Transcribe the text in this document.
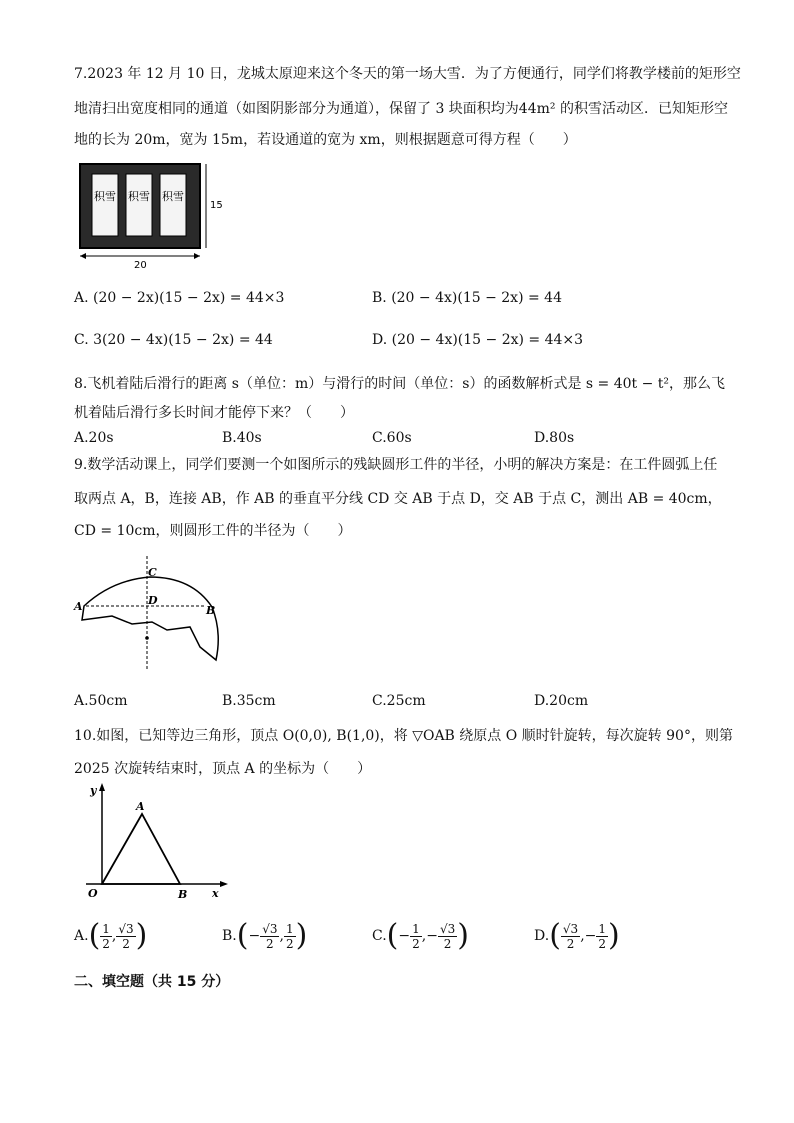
7.2023 年 12 月 10 日，龙城太原迎来这个冬天的第一场大雪．为了方便通行，同学们将教学楼前的矩形空
地清扫出宽度相同的通道（如图阴影部分为通道），保留了 3 块面积均为44m² 的积雪活动区．已知矩形空
地的长为 20m，宽为 15m，若设通道的宽为 xm，则根据题意可得方程（　　）
积雪 积雪 积雪
15
20
A. (20 − 2x)(15 − 2x) = 44×3	B. (20 − 4x)(15 − 2x) = 44
C. 3(20 − 4x)(15 − 2x) = 44	D. (20 − 4x)(15 − 2x) = 44×3
8.飞机着陆后滑行的距离 s（单位：m）与滑行的时间（单位：s）的函数解析式是 s = 40t − t²，那么飞
机着陆后滑行多长时间才能停下来？（　　）
A.20s	B.40s	C.60s	D.80s
9.数学活动课上，同学们要测一个如图所示的残缺圆形工件的半径，小明的解决方案是：在工件圆弧上任
取两点 A，B，连接 AB，作 AB 的垂直平分线 CD 交 AB 于点 D，交 AB 于点 C，测出 AB = 40cm，
CD = 10cm，则圆形工件的半径为（　　）
A	B
C
D
A.50cm	B.35cm	C.25cm	D.20cm
10.如图，已知等边三角形，顶点 O(0,0), B(1,0)，将 ▽OAB 绕原点 O 顺时针旋转，每次旋转 90°，则第
2025 次旋转结束时，顶点 A 的坐标为（　　）
y
x
A
O	B
$A.( \frac{1}{2}$ , $\frac{√3}{2}$ )	$B.(- \frac{√3}{2}$ , $\frac{1}{2}$ )	$C.(- \frac{1}{2}$ ,− $\frac{√3}{2}$ )	$D.( \frac{√3}{2}$ ,− $\frac{1}{2}$ )
二、填空题（共 15 分）
